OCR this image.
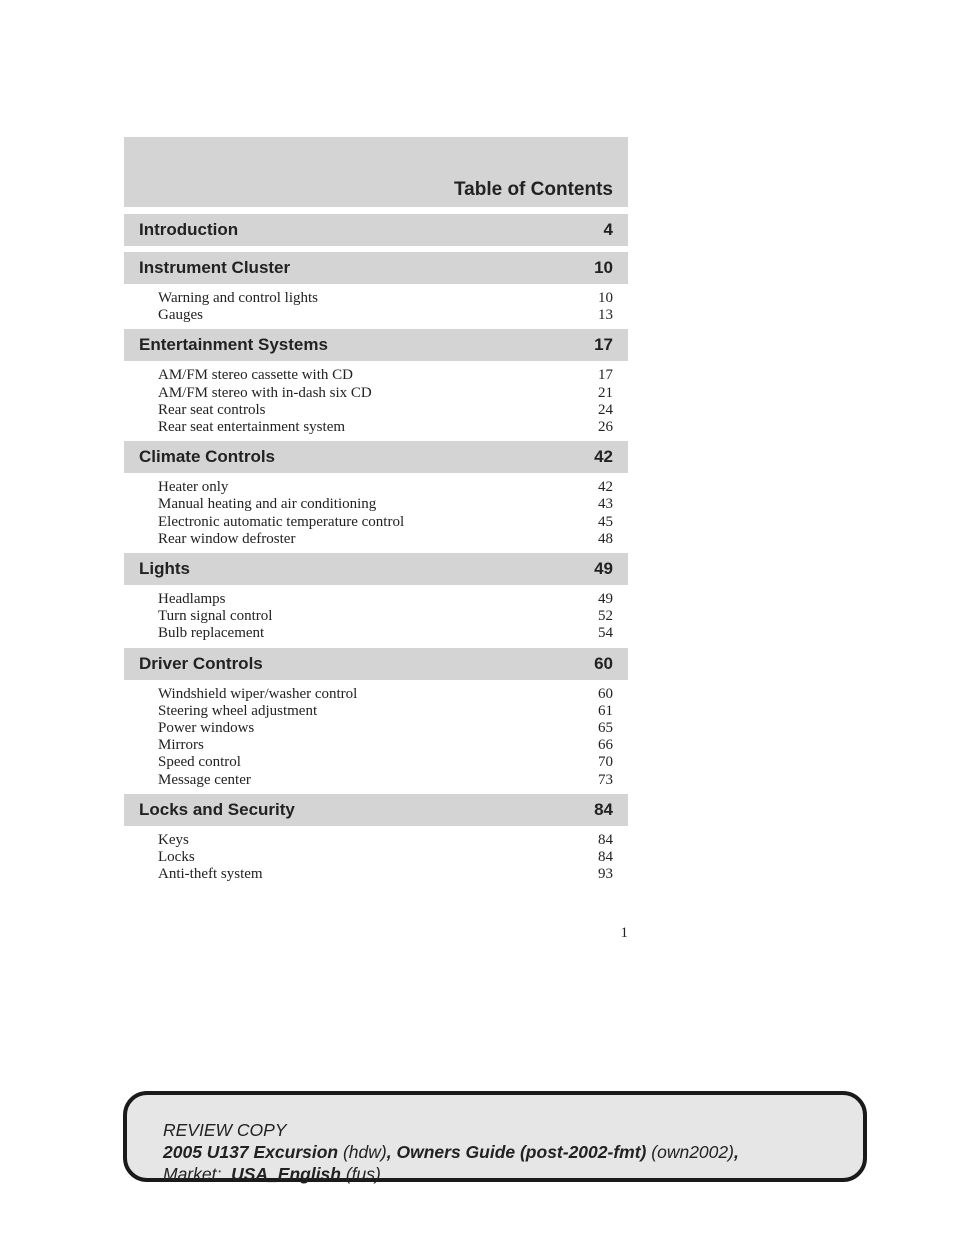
Table of Contents
Introduction	4
Instrument Cluster	10
Warning and control lights	10
Gauges	13
Entertainment Systems	17
AM/FM stereo cassette with CD	17
AM/FM stereo with in-dash six CD	21
Rear seat controls	24
Rear seat entertainment system	26
Climate Controls	42
Heater only	42
Manual heating and air conditioning	43
Electronic automatic temperature control	45
Rear window defroster	48
Lights	49
Headlamps	49
Turn signal control	52
Bulb replacement	54
Driver Controls	60
Windshield wiper/washer control	60
Steering wheel adjustment	61
Power windows	65
Mirrors	66
Speed control	70
Message center	73
Locks and Security	84
Keys	84
Locks	84
Anti-theft system	93
1
REVIEW COPY
2005 U137 Excursion (hdw), Owners Guide (post-2002-fmt) (own2002),
Market: USA_English (fus)
